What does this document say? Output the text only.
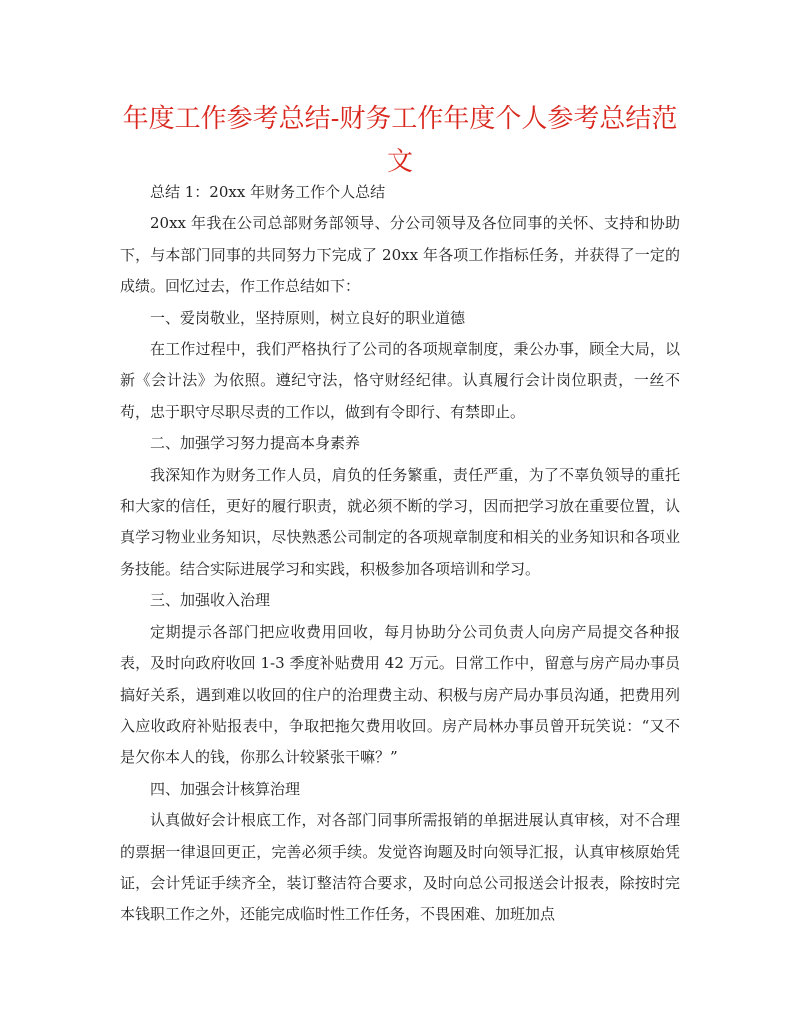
年度工作参考总结-财务工作年度个人参考总结范文

总结 1：20xx 年财务工作个人总结

20xx 年我在公司总部财务部领导、分公司领导及各位同事的关怀、支持和协助下，与本部门同事的共同努力下完成了 20xx 年各项工作指标任务，并获得了一定的成绩。回忆过去，作工作总结如下：

一、爱岗敬业，坚持原则，树立良好的职业道德

在工作过程中，我们严格执行了公司的各项规章制度，秉公办事，顾全大局，以新《会计法》为依照。遵纪守法，恪守财经纪律。认真履行会计岗位职责，一丝不苟，忠于职守尽职尽责的工作以，做到有令即行、有禁即止。

二、加强学习努力提高本身素养

我深知作为财务工作人员，肩负的任务繁重，责任严重，为了不辜负领导的重托和大家的信任，更好的履行职责，就必须不断的学习，因而把学习放在重要位置，认真学习物业业务知识，尽快熟悉公司制定的各项规章制度和相关的业务知识和各项业务技能。结合实际进展学习和实践，积极参加各项培训和学习。

三、加强收入治理

定期提示各部门把应收费用回收，每月协助分公司负责人向房产局提交各种报表，及时向政府收回 1-3 季度补贴费用 42 万元。日常工作中，留意与房产局办事员搞好关系，遇到难以收回的住户的治理费主动、积极与房产局办事员沟通，把费用列入应收政府补贴报表中，争取把拖欠费用收回。房产局林办事员曾开玩笑说：“又不是欠你本人的钱，你那么计较紧张干嘛？”

四、加强会计核算治理

认真做好会计根底工作，对各部门同事所需报销的单据进展认真审核，对不合理的票据一律退回更正，完善必须手续。发觉咨询题及时向领导汇报，认真审核原始凭证，会计凭证手续齐全，装订整洁符合要求，及时向总公司报送会计报表，除按时完本钱职工作之外，还能完成临时性工作任务，不畏困难、加班加点
